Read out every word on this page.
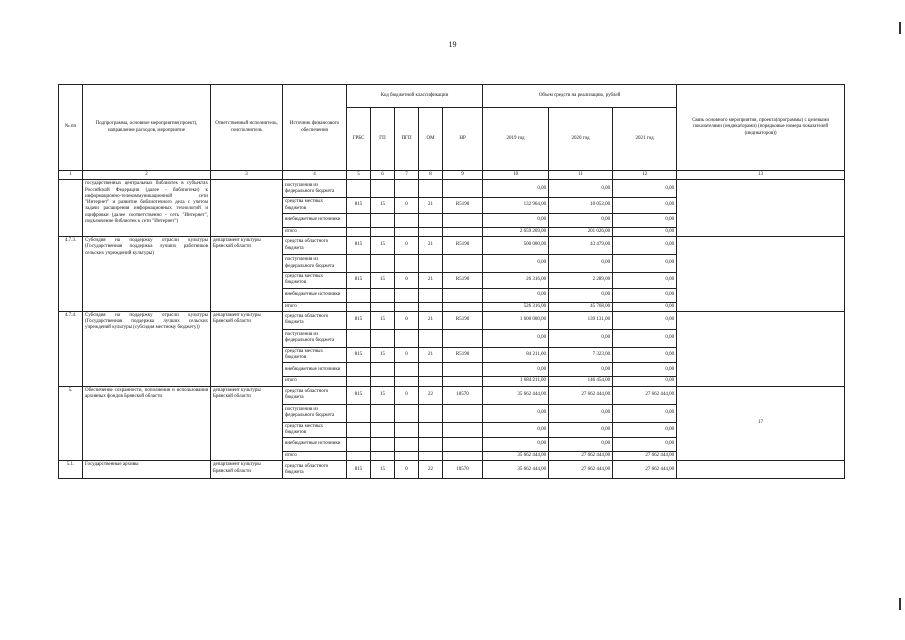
19
№ пп	Подпрограмма, основное мероприятие(проект), направление расходов, мероприятие	Ответственный исполнитель, соисполнитель	Источник финансового обеспечения	Код бюджетной классификации					Объем средств на реализацию, рублей			Связь основного мероприятия, проекта(программы) с целевыми показателями (индикаторами) (порядковые номера показателей (индикаторов))
				ГРБС	ГП	ПГП	ОМ	НР	2019 год	2020 год	2021 год	
1	2	3	4	5	6	7	8	9	10	11	12	13
	государственных центральных библиотек в субъектах Российской Федерации (далее - библиотеки) к информационно-телекоммуникационной сети "Интернет" и развитие библиотечного дела с учетом задачи расширения информационных технологий и оцифровки (далее соответственно - сеть "Интернет", подключение библиотек к сети "Интернет")		поступления из федерального бюджета						0,00	0,00	0,00	
			средства местных бюджетов	815	15	0	21	R5190	132 964,00	10 052,00	0,00	
			внебюджетные источники						0,00	0,00	0,00	
			итого						2 659 269,00	201 026,00	0,00	
4.7.3.	Субсидия на поддержку отрасли культуры (Государственная поддержка лучших работников сельских учреждений культуры)	департамент культуры Брянской области	средства областного бюджета	815	15	0	21	R5190	500 000,00	43 479,00	0,00	
			поступления из федерального бюджета						0,00	0,00	0,00	
			средства местных бюджетов	815	15	0	21	R5190	26 316,00	2 289,00	0,00	
			внебюджетные источники						0,00	0,00	0,00	
			итого						526 316,00	45 768,00	0,00	
4.7.4.	Субсидия на поддержку отрасли культуры (Государственная поддержка лучших сельских учреждений культуры (субсидия местному бюджету))	департамент культуры Брянской области	средства областного бюджета	815	15	0	21	R5190	1 600 000,00	139 131,00	0,00	
			поступления из федерального бюджета						0,00	0,00	0,00	
			средства местных бюджетов	815	15	0	21	R5190	84 211,00	7 323,00	0,00	
			внебюджетные источники						0,00	0,00	0,00	
			итого						1 684 211,00	146 454,00	0,00	
5.	Обеспечение сохранности, пополнения и использования архивных фондов Брянской области	департамент культуры Брянской области	средства областного бюджета	815	15	0	22	10570	35 662 444,00	27 662 444,00	27 662 444,00	17
			поступления из федерального бюджета						0,00	0,00	0,00	
			средства местных бюджетов						0,00	0,00	0,00	
			внебюджетные источники						0,00	0,00	0,00	
			итого						35 662 444,00	27 662 444,00	27 662 444,00	
5.1.	Государственные архивы	департамент культуры Брянской области	средства областного бюджета	815	15	0	22	10570	35 662 444,00	27 662 444,00	27 662 444,00	
